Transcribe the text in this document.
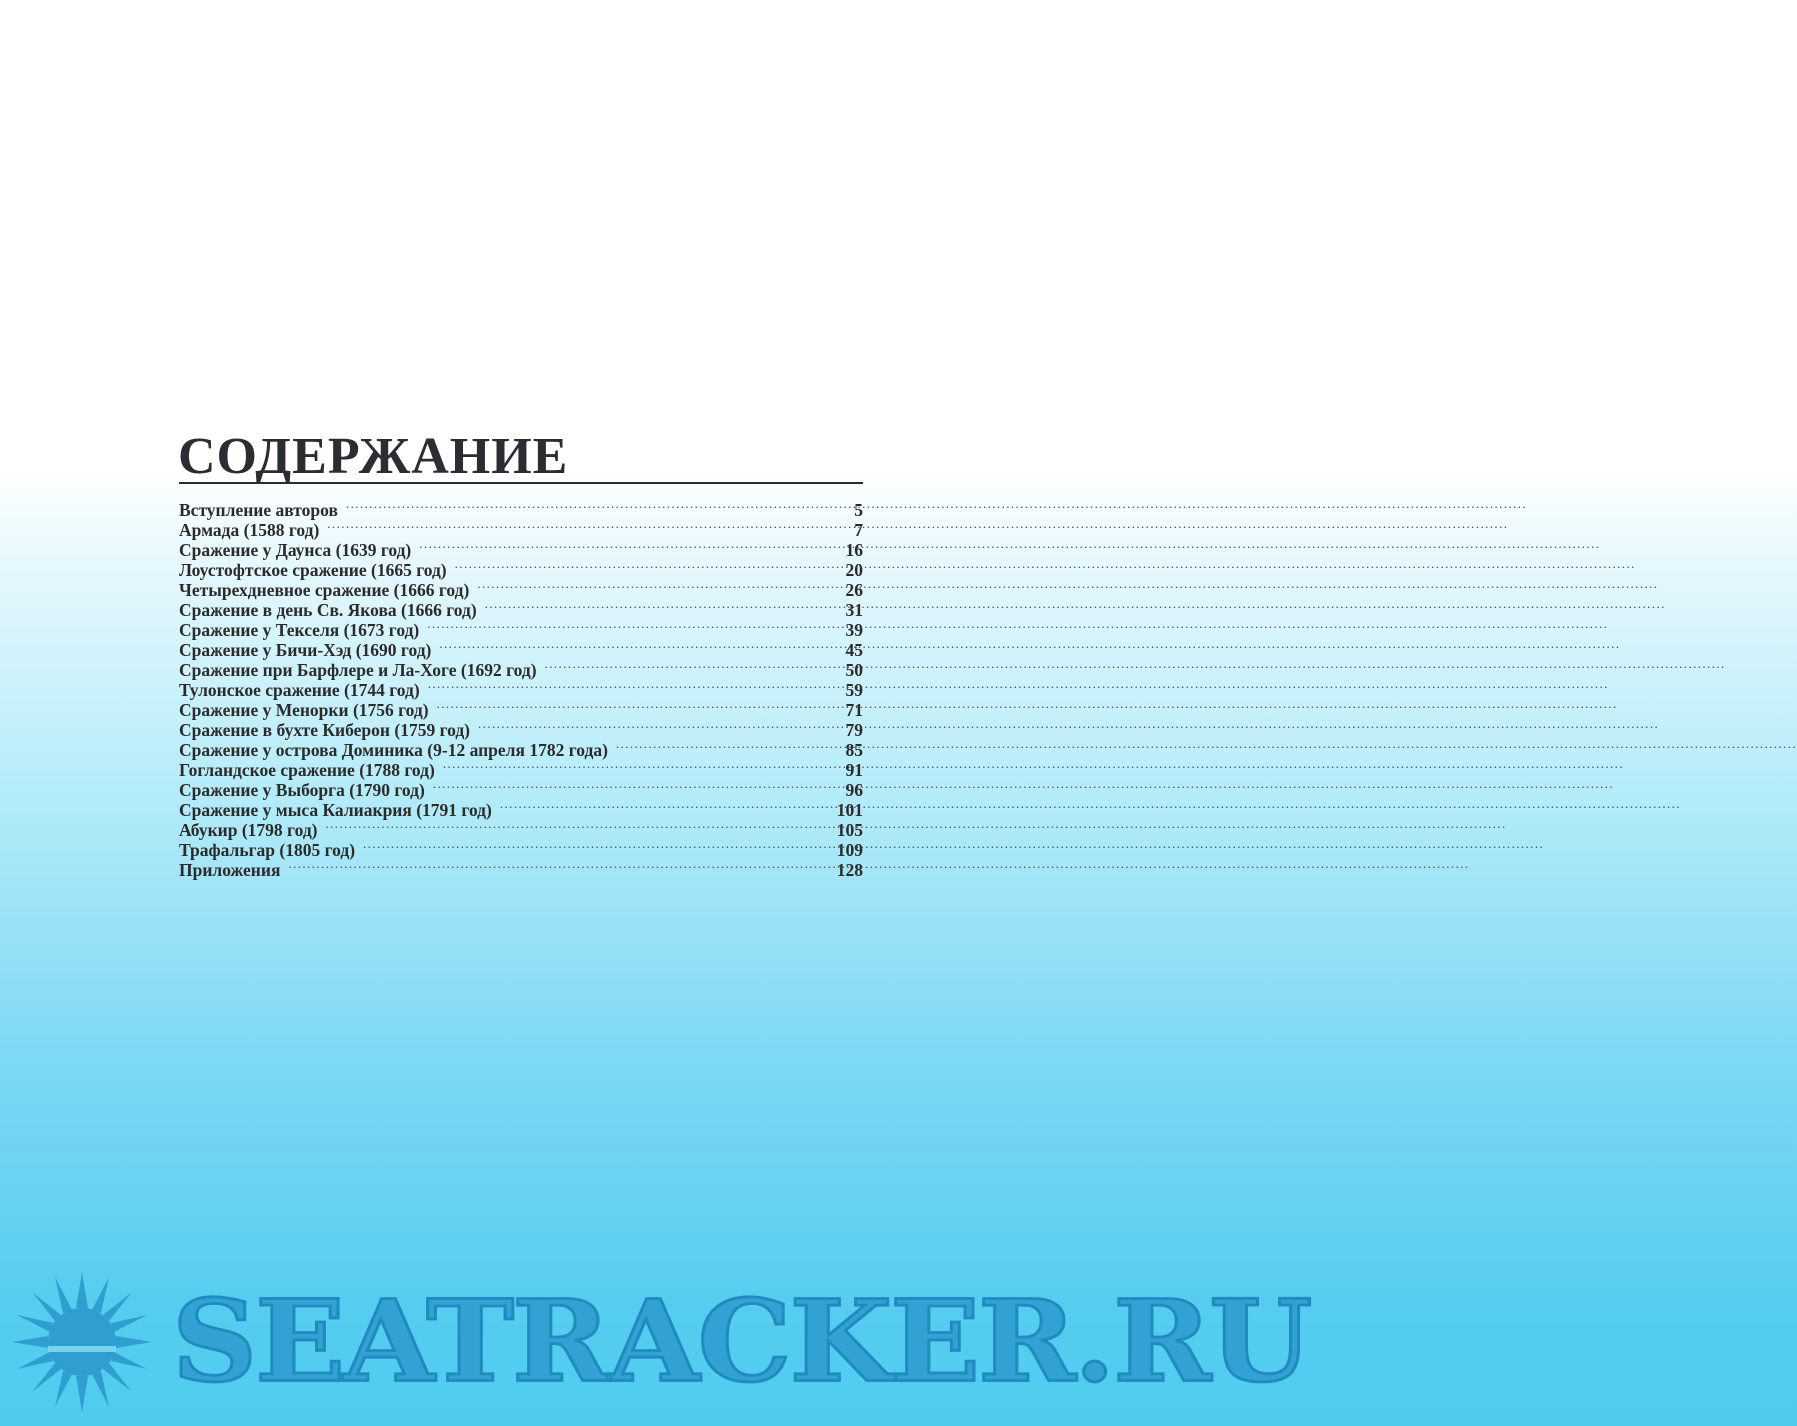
СОДЕРЖАНИЕ
Вступление авторов .....	5
Армада (1588 год) .....	7
Сражение у Даунса (1639 год) .....	16
Лоустофтское сражение (1665 год) .....	20
Четырехдневное сражение (1666 год) .....	26
Сражение в день Св. Якова (1666 год) .....	31
Сражение у Текселя (1673 год) .....	39
Сражение у Бичи-Хэд (1690 год) .....	45
Сражение при Барфлере и Ла-Хоге (1692 год) .....	50
Тулонское сражение (1744 год) .....	59
Сражение у Менорки (1756 год) .....	71
Сражение в бухте Киберон (1759 год) .....	79
Сражение у острова Доминика (9-12 апреля 1782 года) .....	85
Гогландское сражение (1788 год) .....	91
Сражение у Выборга (1790 год) .....	96
Сражение у мыса Калиакрия (1791 год) .....	101
Абукир (1798 год) .....	105
Трафальгар (1805 год) .....	109
Приложения .....	128
SEATRACKER.RU
